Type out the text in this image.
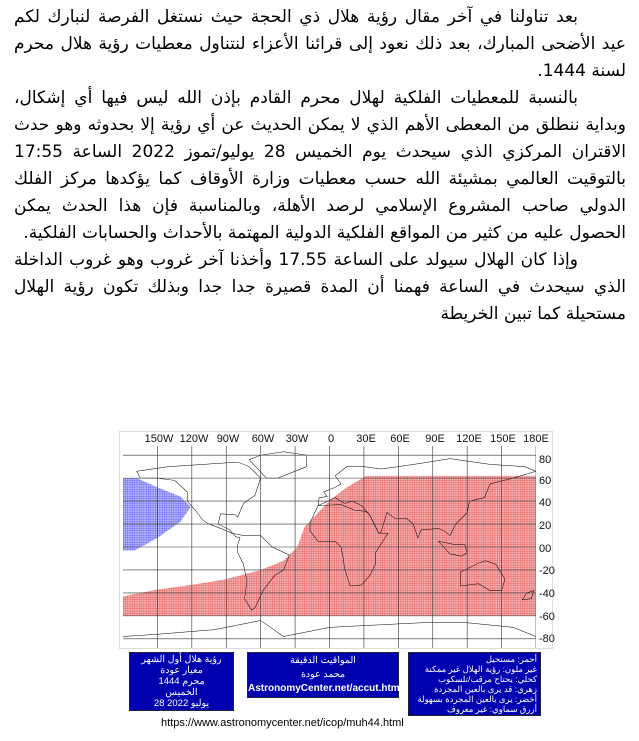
بعد تناولنا في آخر مقال رؤية هلال ذي الحجة حيث نستغل الفرصة لنبارك لكم عيد الأضحى المبارك، بعد ذلك نعود إلى قرائنا الأعزاء لنتناول معطيات رؤية هلال محرم لسنة 1444.

بالنسبة للمعطيات الفلكية لهلال محرم القادم بإذن الله ليس فيها أي إشكال، وبداية ننطلق من المعطى الأهم الذي لا يمكن الحديث عن أي رؤية إلا بحدوثه وهو حدث الاقتران المركزي الذي سيحدث يوم الخميس 28 يوليو/تموز 2022 الساعة 17:55 بالتوقيت العالمي بمشيئة الله حسب معطيات وزارة الأوقاف كما يؤكدها مركز الفلك الدولي صاحب المشروع الإسلامي لرصد الأهلة، وبالمناسبة فإن هذا الحدث يمكن الحصول عليه من كثير من المواقع الفلكية الدولية المهتمة بالأحداث والحسابات الفلكية.

وإذا كان الهلال سيولد على الساعة 17.55 وأخذنا آخر غروب وهو غروب الداخلة الذي سيحدث في الساعة فهمنا أن المدة قصيرة جدا جدا وبذلك تكون رؤية الهلال مستحيلة كما تبين الخريطة

150W 120W 90W 60W 30W 0 30E 60E 90E 120E 150E 180E
80
60
40
20
00
-20
-40
-60
-80
رؤية هلال أول الشهر
معيار عودة
محرم 1444
الخميس
28 يوليو 2022
المواقيت الدقيقة
محمد عودة
AstronomyCenter.net/accut.html
أحمر: مستحيل
غير ملون: رؤية الهلال غير ممكنة
كحلي: يحتاج مرقب/تلسكوب
زهري: قد يرى بالعين المجردة
أخضر: يرى بالعين المجردة بسهولة
أزرق سماوي: غير معروف
https://www.astronomycenter.net/icop/muh44.html
